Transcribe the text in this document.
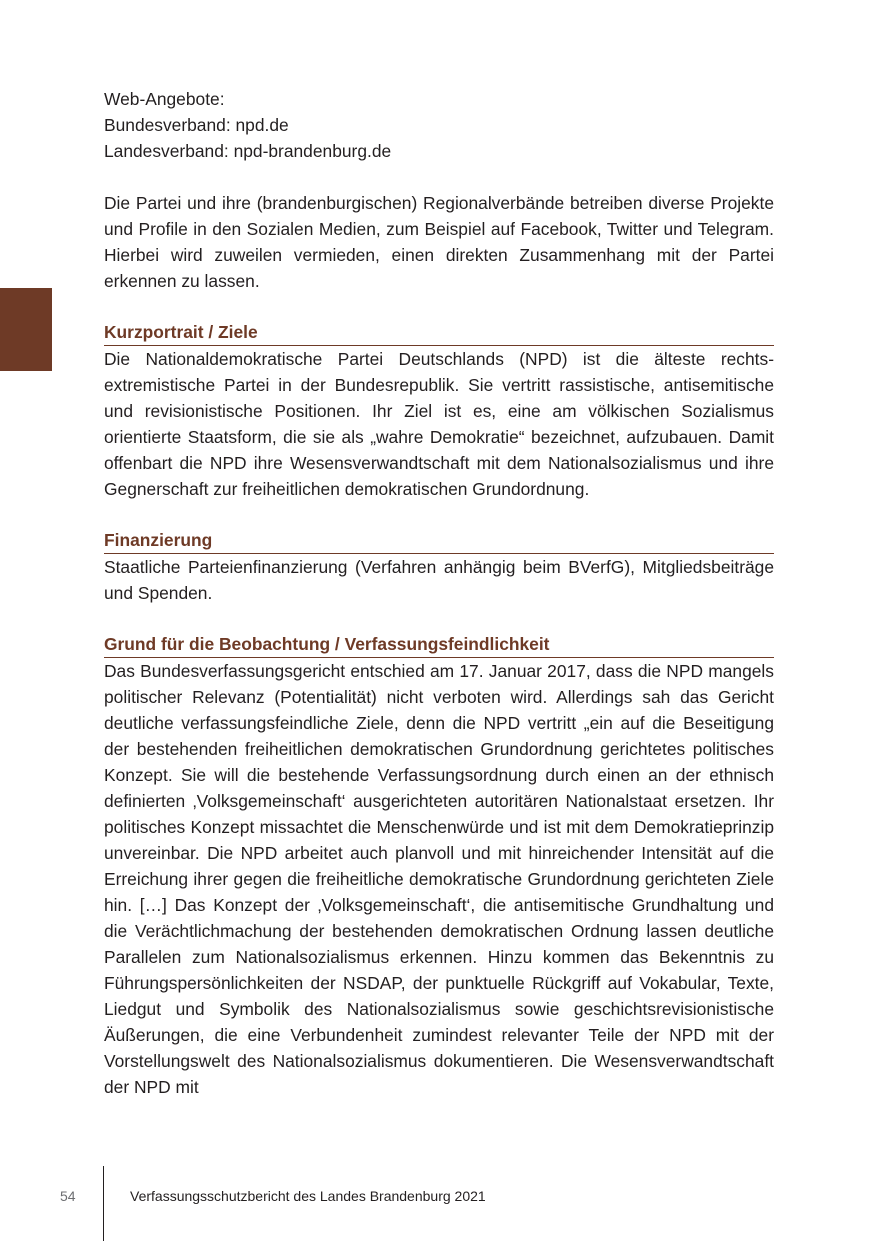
Web-Angebote:
Bundesverband: npd.de
Landesverband: npd-brandenburg.de

Die Partei und ihre (brandenburgischen) Regionalverbände betreiben diverse Projekte und Profile in den Sozialen Medien, zum Beispiel auf Facebook, Twitter und Telegram. Hierbei wird zuweilen vermieden, einen direkten Zusammenhang mit der Partei erkennen zu lassen.

Kurzportrait / Ziele

Die Nationaldemokratische Partei Deutschlands (NPD) ist die älteste rechtsextremistische Partei in der Bundesrepublik. Sie vertritt rassistische, antisemitische und revisionistische Positionen. Ihr Ziel ist es, eine am völkischen Sozialismus orientierte Staatsform, die sie als „wahre Demokratie“ bezeichnet, aufzubauen. Damit offenbart die NPD ihre Wesensverwandtschaft mit dem Nationalsozialismus und ihre Gegnerschaft zur freiheitlichen demokratischen Grundordnung.

Finanzierung

Staatliche Parteienfinanzierung (Verfahren anhängig beim BVerfG), Mitgliedsbeiträge und Spenden.

Grund für die Beobachtung / Verfassungsfeindlichkeit

Das Bundesverfassungsgericht entschied am 17. Januar 2017, dass die NPD mangels politischer Relevanz (Potentialität) nicht verboten wird. Allerdings sah das Gericht deutliche verfassungsfeindliche Ziele, denn die NPD vertritt „ein auf die Beseitigung der bestehenden freiheitlichen demokratischen Grundordnung gerichtetes politisches Konzept. Sie will die bestehende Verfassungsordnung durch einen an der ethnisch definierten ‚Volksgemeinschaft‘ ausgerichteten autoritären Nationalstaat ersetzen. Ihr politisches Konzept missachtet die Menschenwürde und ist mit dem Demokratieprinzip unvereinbar. Die NPD arbeitet auch planvoll und mit hinreichender Intensität auf die Erreichung ihrer gegen die freiheitliche demokratische Grundordnung gerichteten Ziele hin. […] Das Konzept der ‚Volksgemeinschaft‘, die antisemitische Grundhaltung und die Verächtlichmachung der bestehenden demokratischen Ordnung lassen deutliche Parallelen zum Nationalsozialismus erkennen. Hinzu kommen das Bekenntnis zu Führungspersönlichkeiten der NSDAP, der punktuelle Rückgriff auf Vokabular, Texte, Liedgut und Symbolik des Nationalsozialismus sowie geschichtsrevisionistische Äußerungen, die eine Verbundenheit zumindest relevanter Teile der NPD mit der Vorstellungswelt des Nationalsozialismus dokumentieren. Die Wesensverwandtschaft der NPD mit

54	Verfassungsschutzbericht des Landes Brandenburg 2021
